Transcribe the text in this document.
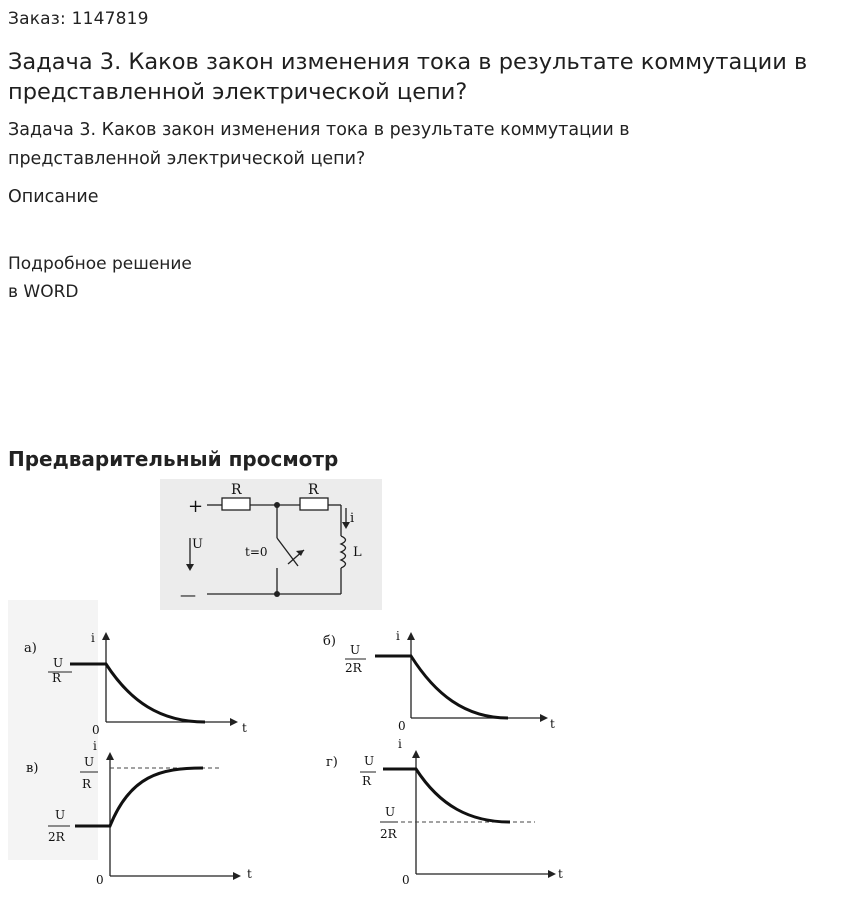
Заказ: 1147819
Задача 3. Каков закон изменения тока в результате коммутации в представленной электрической цепи?
Задача 3. Каков закон изменения тока в результате коммутации в представленной электрической цепи?
Описание
Подробное решение
в WORD
Предварительный просмотр
+
—
R	R
U
i
t=0	L
а)
U
R
i
t
0
б)
U
2R
i
t
0
в)	U
R
U
2R
i
t
0
г) U
R
U
2R
i
t
0
